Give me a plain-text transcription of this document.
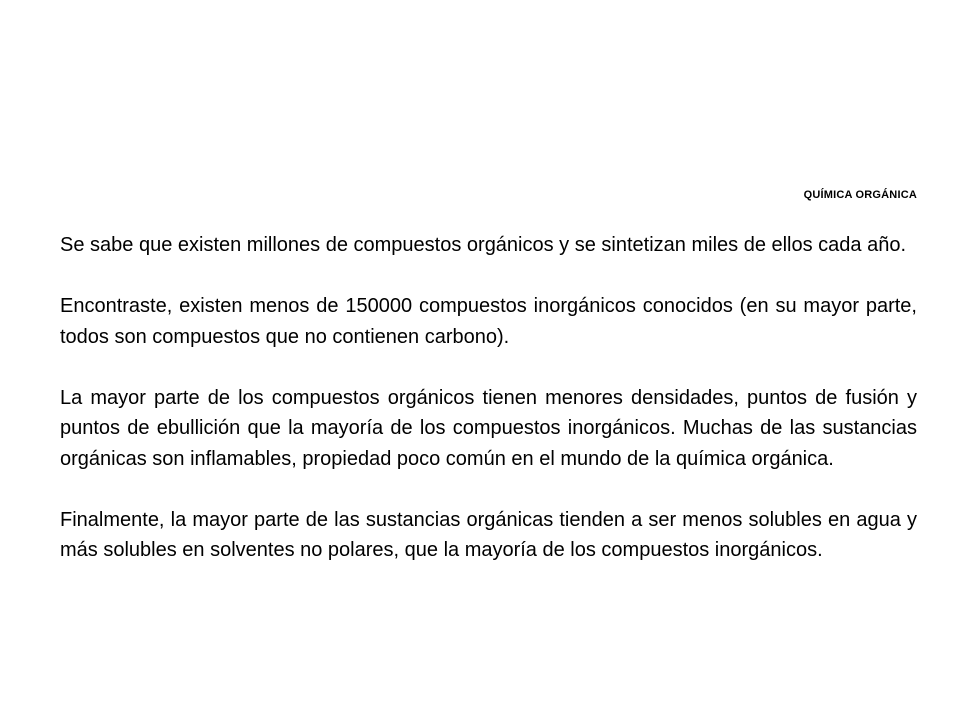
QUÍMICA ORGÁNICA

Se sabe que existen millones de compuestos orgánicos y se sintetizan miles de ellos cada año.

Encontraste, existen menos de 150000 compuestos inorgánicos conocidos (en su mayor parte, todos son compuestos que no contienen carbono).

La mayor parte de los compuestos orgánicos tienen menores densidades, puntos de fusión y puntos de ebullición que la mayoría de los compuestos inorgánicos. Muchas de las sustancias orgánicas son inflamables, propiedad poco común en el mundo de la química orgánica.

Finalmente, la mayor parte de las sustancias orgánicas tienden a ser menos solubles en agua y más solubles en solventes no polares, que la mayoría de los compuestos inorgánicos.
